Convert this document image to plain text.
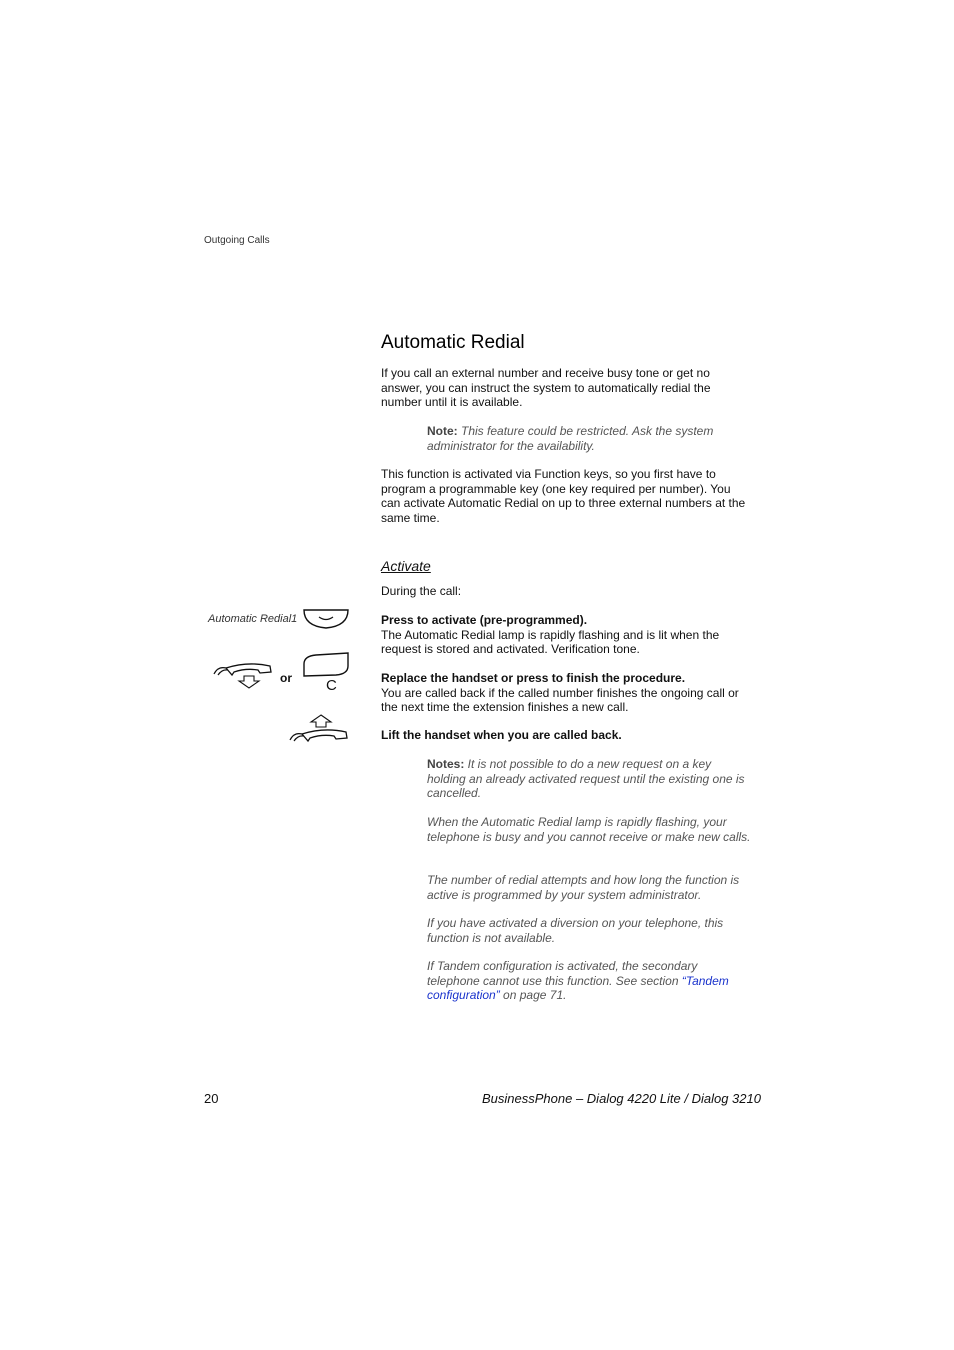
Outgoing Calls
Automatic Redial

If you call an external number and receive busy tone or get no answer, you can instruct the system to automatically redial the number until it is available.

Note: This feature could be restricted. Ask the system administrator for the availability.

This function is activated via Function keys, so you first have to program a programmable key (one key required per number). You can activate Automatic Redial on up to three external numbers at the same time.

Activate

During the call:

Automatic Redial1	Press to activate (pre-programmed).
The Automatic Redial lamp is rapidly flashing and is lit when the request is stored and activated. Verification tone.

or C	Replace the handset or press to finish the procedure.
You are called back if the called number finishes the ongoing call or the next time the extension finishes a new call.

Lift the handset when you are called back.

Notes: It is not possible to do a new request on a key holding an already activated request until the existing one is cancelled.

When the Automatic Redial lamp is rapidly flashing, your telephone is busy and you cannot receive or make new calls.

The number of redial attempts and how long the function is active is programmed by your system administrator.

If you have activated a diversion on your telephone, this function is not available.

If Tandem configuration is activated, the secondary telephone cannot use this function. See section “Tandem configuration” on page 71.

20	BusinessPhone – Dialog 4220 Lite / Dialog 3210
